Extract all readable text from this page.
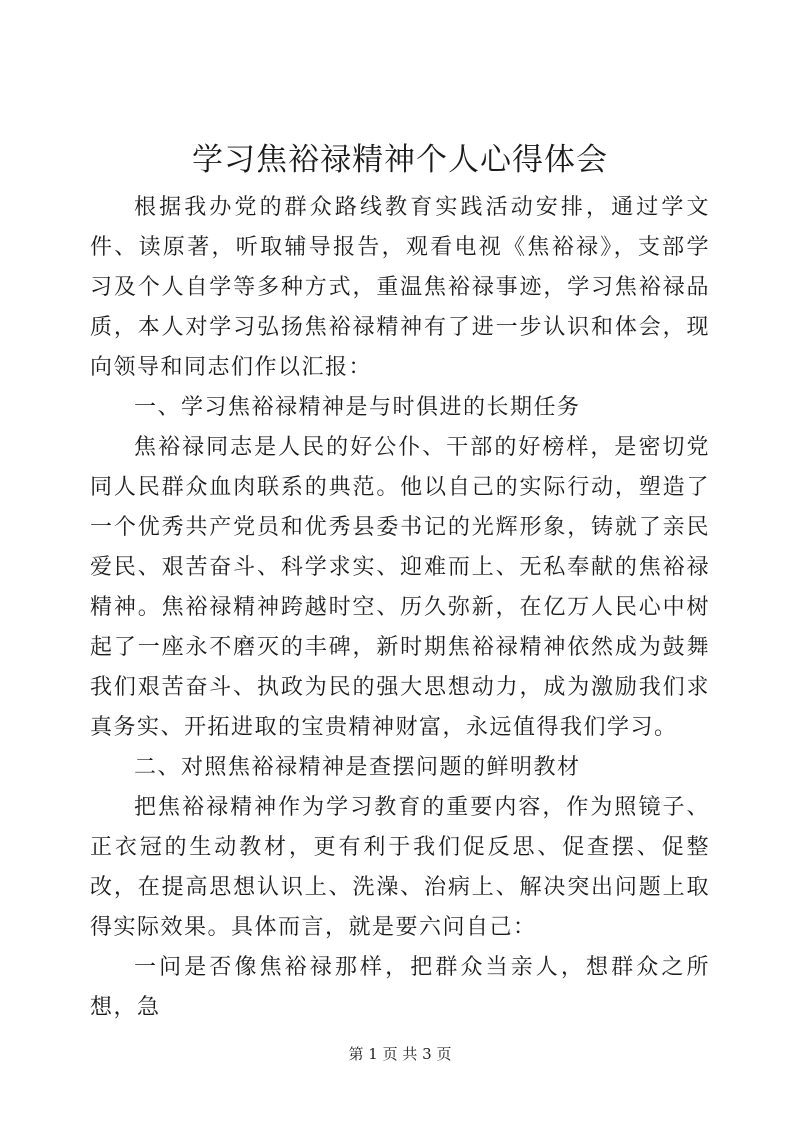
学习焦裕禄精神个人心得体会

根据我办党的群众路线教育实践活动安排，通过学文件、读原著，听取辅导报告，观看电视《焦裕禄》，支部学习及个人自学等多种方式，重温焦裕禄事迹，学习焦裕禄品质，本人对学习弘扬焦裕禄精神有了进一步认识和体会，现向领导和同志们作以汇报：

一、学习焦裕禄精神是与时俱进的长期任务

焦裕禄同志是人民的好公仆、干部的好榜样，是密切党同人民群众血肉联系的典范。他以自己的实际行动，塑造了一个优秀共产党员和优秀县委书记的光辉形象，铸就了亲民爱民、艰苦奋斗、科学求实、迎难而上、无私奉献的焦裕禄精神。焦裕禄精神跨越时空、历久弥新，在亿万人民心中树起了一座永不磨灭的丰碑，新时期焦裕禄精神依然成为鼓舞我们艰苦奋斗、执政为民的强大思想动力，成为激励我们求真务实、开拓进取的宝贵精神财富，永远值得我们学习。

二、对照焦裕禄精神是查摆问题的鲜明教材

把焦裕禄精神作为学习教育的重要内容，作为照镜子、正衣冠的生动教材，更有利于我们促反思、促查摆、促整改，在提高思想认识上、洗澡、治病上、解决突出问题上取得实际效果。具体而言，就是要六问自己：

一问是否像焦裕禄那样，把群众当亲人，想群众之所想，急

第 1 页 共 3 页
